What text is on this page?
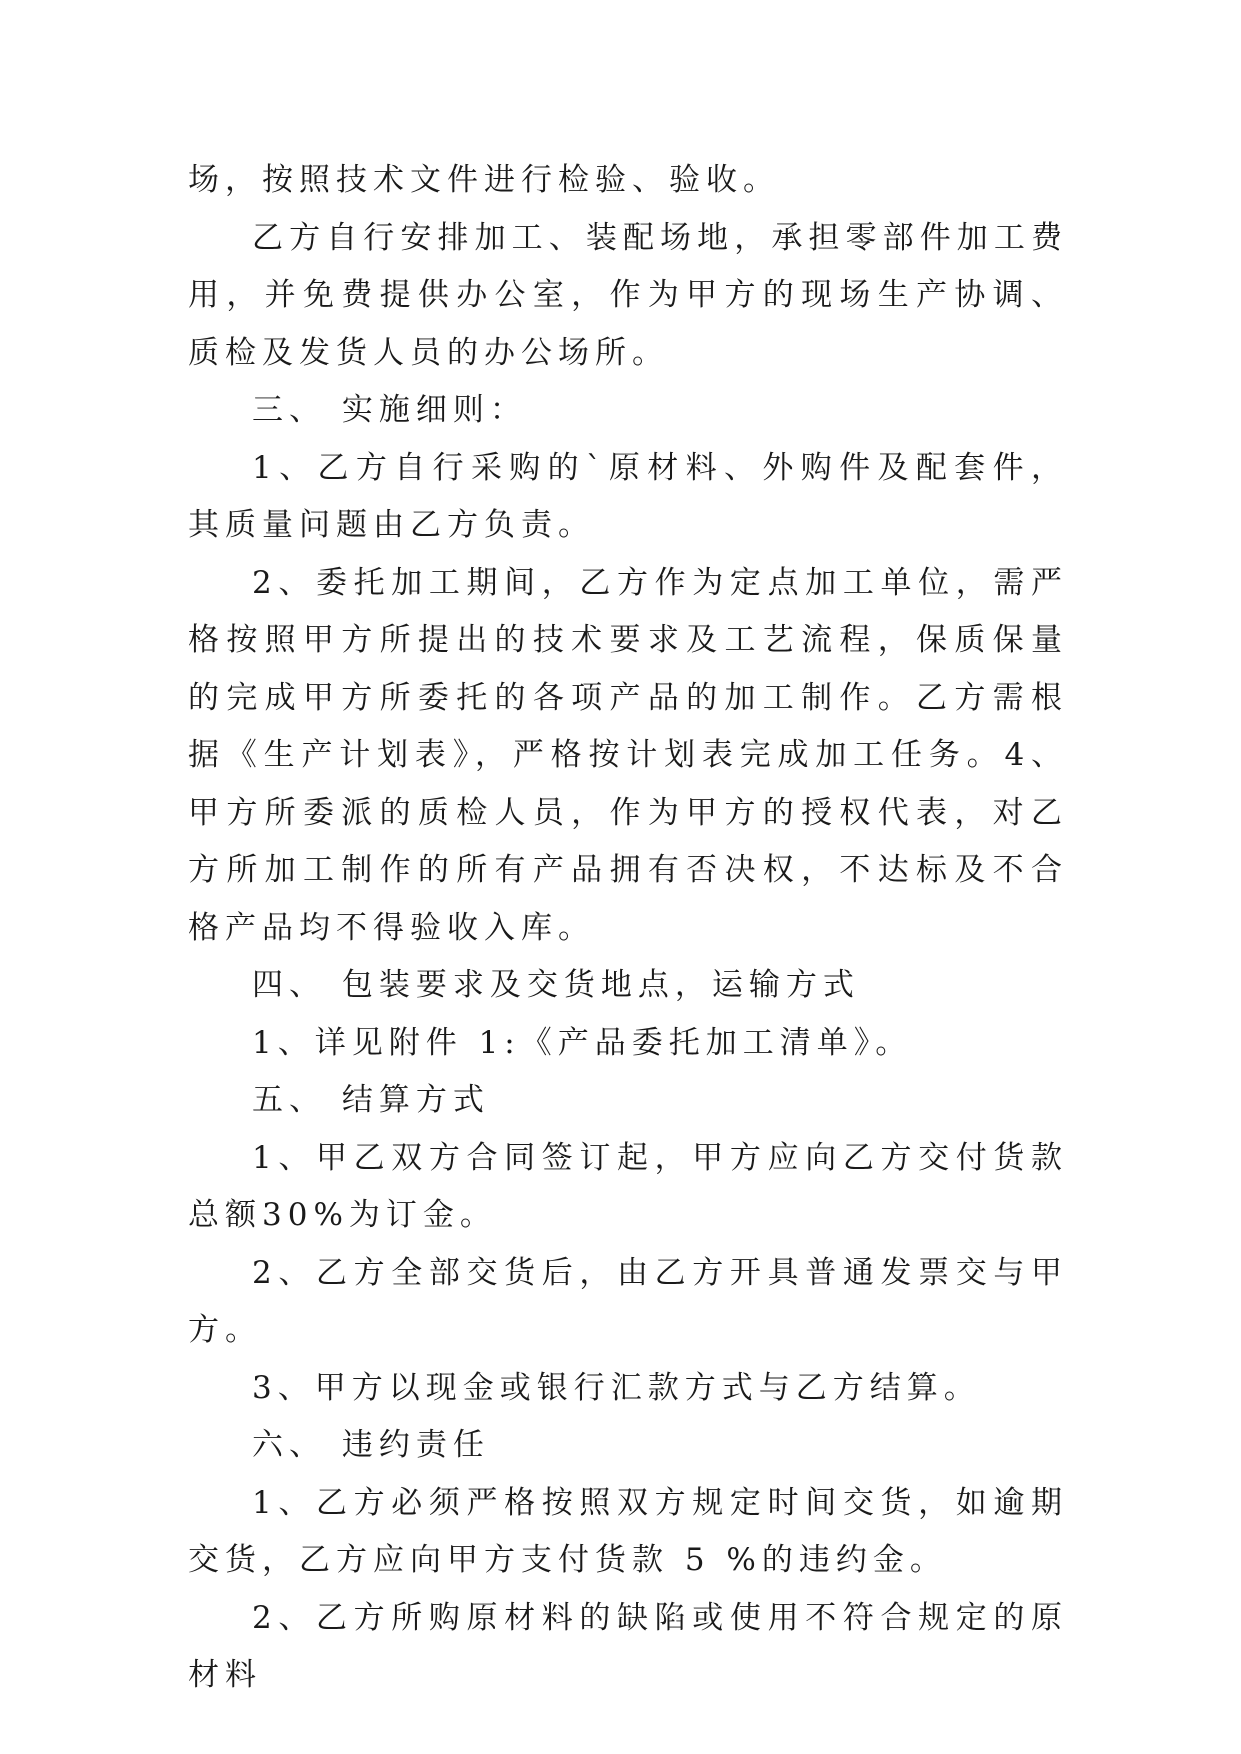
场，按照技术文件进行检验、验收。

乙方自行安排加工、装配场地，承担零部件加工费用，并免费提供办公室，作为甲方的现场生产协调、质检及发货人员的办公场所。

三、 实施细则：

1、乙方自行采购的`原材料、外购件及配套件，其质量问题由乙方负责。

2、委托加工期间，乙方作为定点加工单位，需严格按照甲方所提出的技术要求及工艺流程，保质保量的完成甲方所委托的各项产品的加工制作。乙方需根据《生产计划表》，严格按计划表完成加工任务。4、甲方所委派的质检人员，作为甲方的授权代表，对乙方所加工制作的所有产品拥有否决权，不达标及不合格产品均不得验收入库。

四、 包装要求及交货地点，运输方式

1、详见附件 1:《产品委托加工清单》。

五、 结算方式

1、甲乙双方合同签订起，甲方应向乙方交付货款总额30%为订金。

2、乙方全部交货后，由乙方开具普通发票交与甲方。

3、甲方以现金或银行汇款方式与乙方结算。

六、 违约责任

1、乙方必须严格按照双方规定时间交货，如逾期交货，乙方应向甲方支付货款 5 %的违约金。

2、乙方所购原材料的缺陷或使用不符合规定的原材料
